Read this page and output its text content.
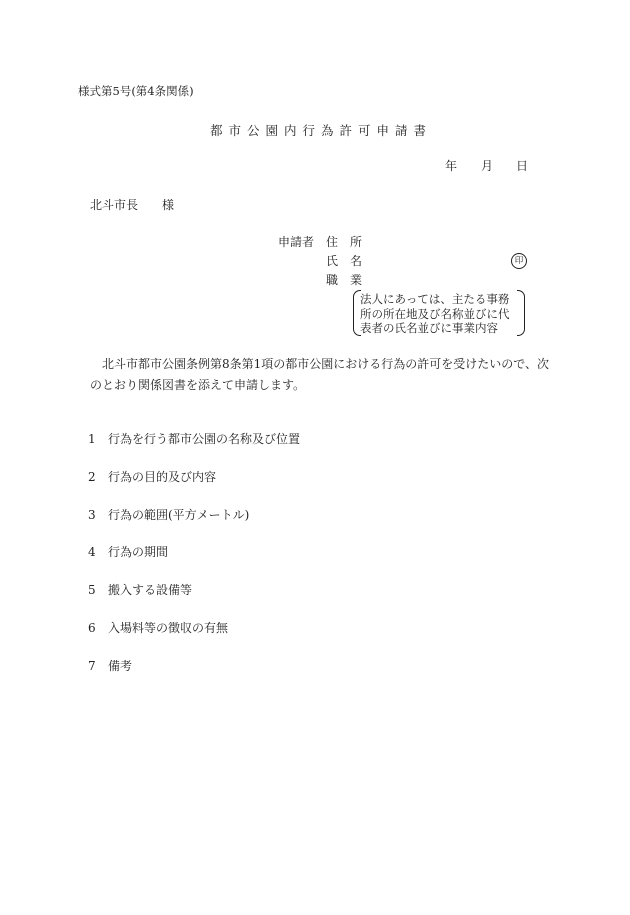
様式第5号(第4条関係)
都市公園内行為許可申請書
年 月 日
北斗市長 様
申請者 住　所
氏　名	印
職　業
法人にあっては、主たる事務所の所在地及び名称並びに代表者の氏名並びに事業内容
北斗市都市公園条例第8条第1項の都市公園における行為の許可を受けたいので、次のとおり関係図書を添えて申請します。
1 行為を行う都市公園の名称及び位置
2 行為の目的及び内容
3 行為の範囲(平方メートル)
4 行為の期間
5 搬入する設備等
6 入場料等の徴収の有無
7 備考
